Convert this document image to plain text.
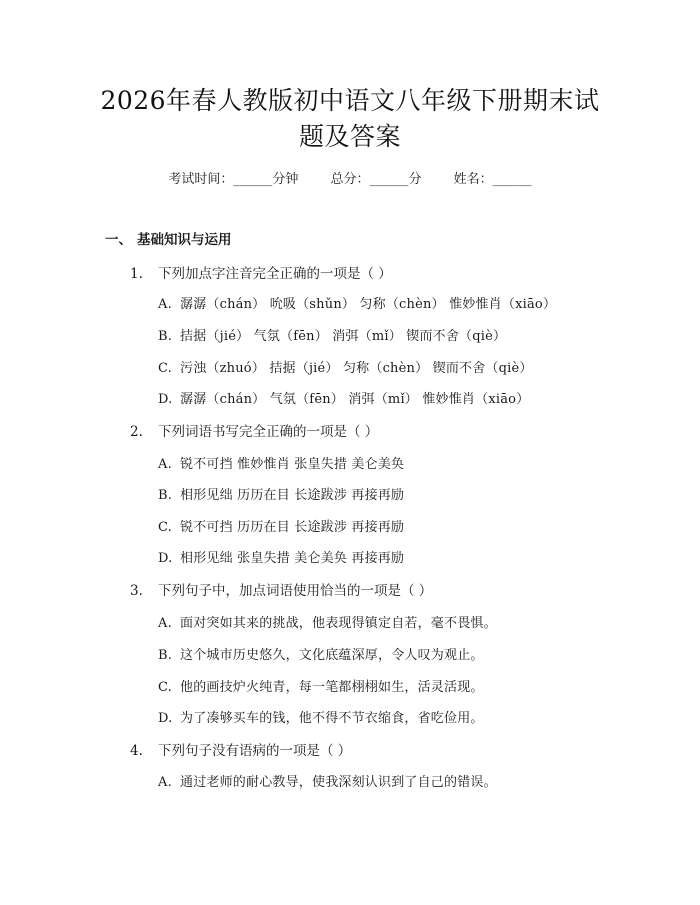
2026年春人教版初中语文八年级下册期末试
题及答案
考试时间：______分钟 总分：______分 姓名：______
一、 基础知识与运用
1. 下列加点字注音完全正确的一项是（ ）
A. 潺潺（chán） 吮吸（shǔn） 匀称（chèn） 惟妙惟肖（xiāo）
B. 拮据（jié） 气氛（fēn） 消弭（mǐ） 锲而不舍（qiè）
C. 污浊（zhuó） 拮据（jié） 匀称（chèn） 锲而不舍（qiè）
D. 潺潺（chán） 气氛（fēn） 消弭（mǐ） 惟妙惟肖（xiāo）
2. 下列词语书写完全正确的一项是（ ）
A. 锐不可挡 惟妙惟肖 张皇失措 美仑美奂
B. 相形见绌 历历在目 长途跋涉 再接再励
C. 锐不可挡 历历在目 长途跋涉 再接再励
D. 相形见绌 张皇失措 美仑美奂 再接再励
3. 下列句子中，加点词语使用恰当的一项是（ ）
A. 面对突如其来的挑战，他表现得镇定自若，毫不畏惧。
B. 这个城市历史悠久，文化底蕴深厚，令人叹为观止。
C. 他的画技炉火纯青，每一笔都栩栩如生，活灵活现。
D. 为了凑够买车的钱，他不得不节衣缩食，省吃俭用。
4. 下列句子没有语病的一项是（ ）
A. 通过老师的耐心教导，使我深刻认识到了自己的错误。
